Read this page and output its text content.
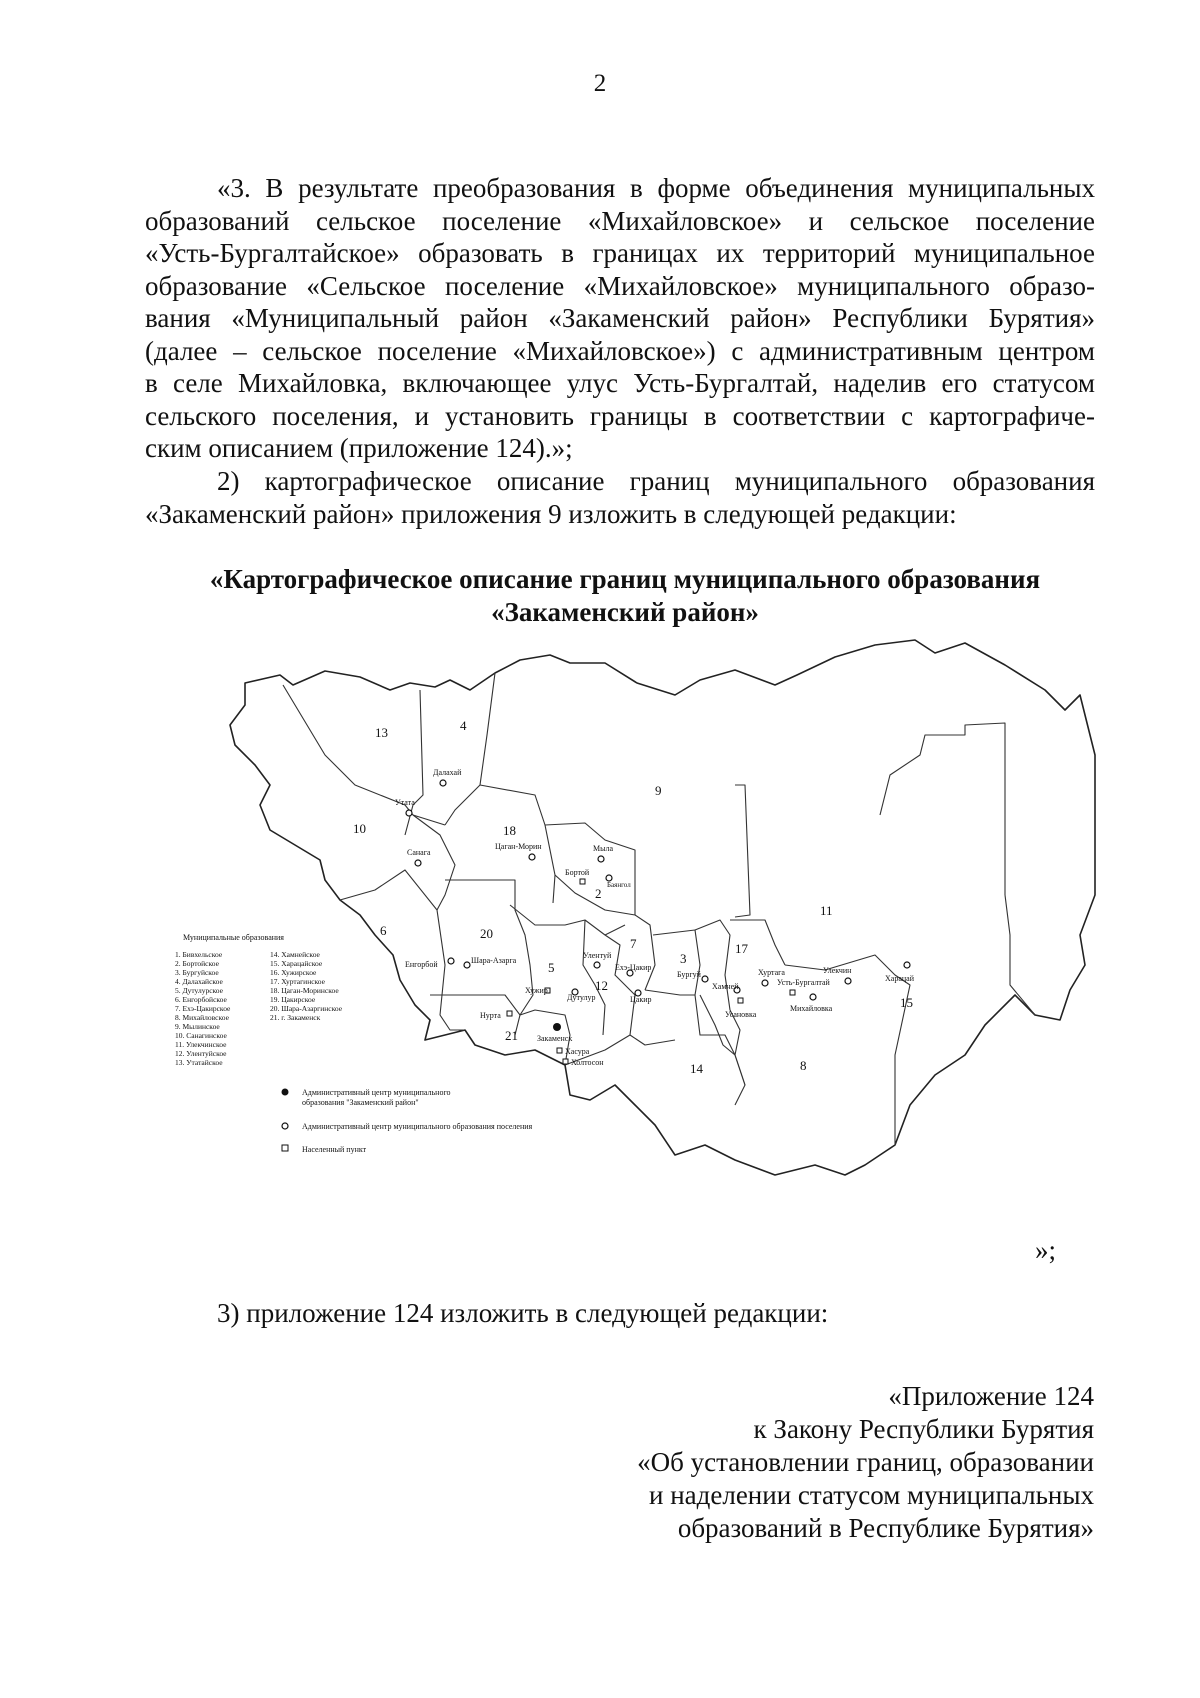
2
«3. В результате преобразования в форме объединения муниципальных
образований сельское поселение «Михайловское» и сельское поселение
«Усть-Бургалтайское» образовать в границах их территорий муниципальное
образование «Сельское поселение «Михайловское» муниципального образо-
вания «Муниципальный район «Закаменский район» Республики Бурятия»
(далее – сельское поселение «Михайловское») с административным центром
в селе Михайловка, включающее улус Усть-Бургалтай, наделив его статусом
сельского поселения, и установить границы в соответствии с картографиче-
ским описанием (приложение 124).»;
2) картографическое описание границ муниципального образования
«Закаменский район» приложения 9 изложить в следующей редакции:
«Картографическое описание границ муниципального образования
«Закаменский район»
13	4
9
18
10
2
11
6	20
7
3
17
5
12
15
21
14	8
Далахай
Утата
Санага
Цаган-Морин	Мыла
Бортой
Баянгол
Енгорбой	Шара-Азарга
Улентуй
Ехэ-Цакир
Хужир
Дутулур	Цакир
Нурта
Закаменск
Хасура
Холтосон
Бургуй
Хамней
Усановка
Хуртага
Усть-Бургалтай
Михайловка
Улекчин
Харацай
Муниципальные образования
1. Бивхельское
2. Бортойское
3. Бургуйское
4. Далахайское
5. Дутулурское
6. Енгорбойское
7. Ехэ-Цакирское
8. Михайловское
9. Мылинское
10. Санагинское
11. Улекчинское
12. Улентуйское
13. Утатайское
14. Хамнейское
15. Харацайское
16. Хужирское
17. Хуртагинское
18. Цаган-Моринское
19. Цакирское
20. Шара-Азаргинское
21. г. Закаменск
Административный центр муниципального
образования "Закаменский район"
Административный центр муниципального образования поселения
Населенный пункт
»;
3) приложение 124 изложить в следующей редакции:
«Приложение 124
к Закону Республики Бурятия
«Об установлении границ, образовании
и наделении статусом муниципальных
образований в Республике Бурятия»
